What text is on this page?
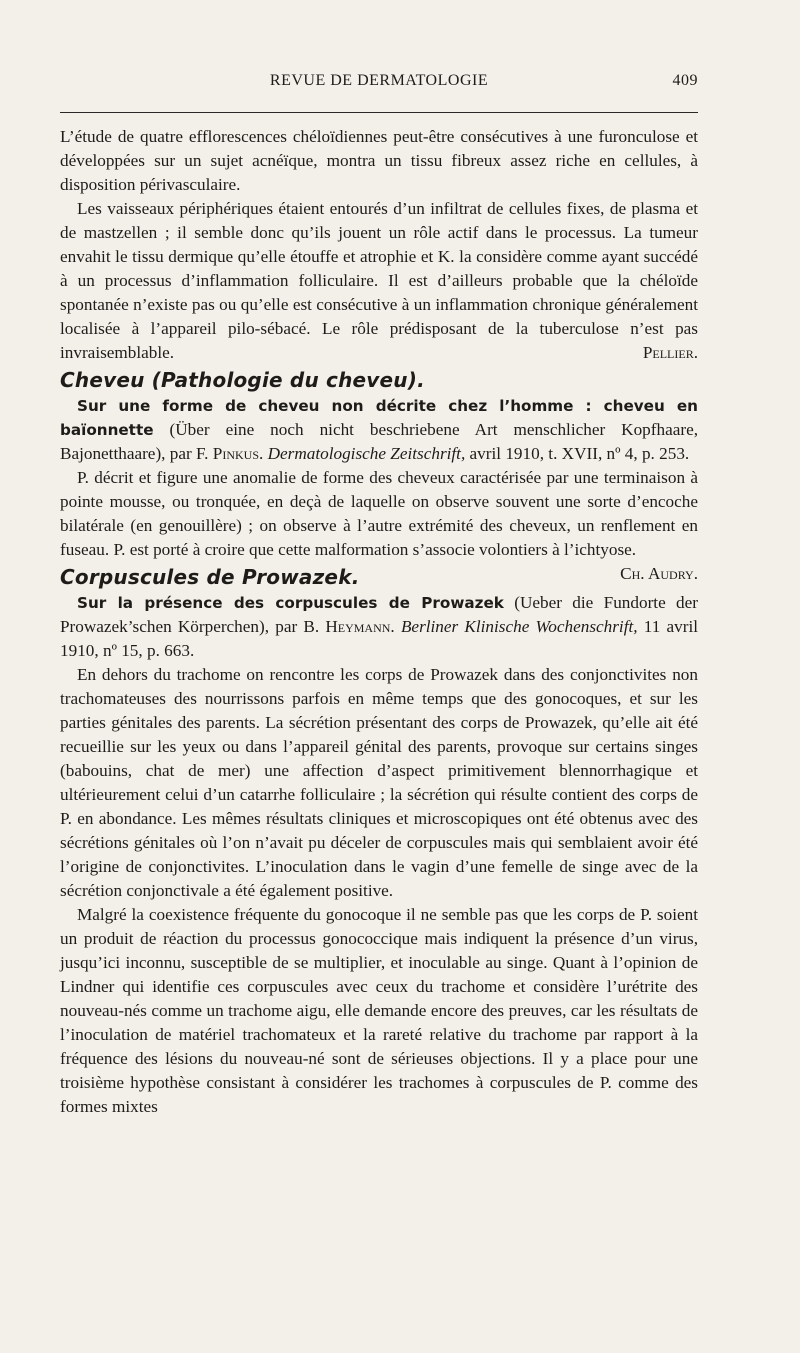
REVUE DE DERMATOLOGIE	409

L’étude de quatre efflorescences chéloïdiennes peut-être consécutives à une furonculose et développées sur un sujet acnéïque, montra un tissu fibreux assez riche en cellules, à disposition périvasculaire.

Les vaisseaux périphériques étaient entourés d’un infiltrat de cellules fixes, de plasma et de mastzellen ; il semble donc qu’ils jouent un rôle actif dans le processus. La tumeur envahit le tissu dermique qu’elle étouffe et atrophie et K. la considère comme ayant succédé à un processus d’inflammation folliculaire. Il est d’ailleurs probable que la chéloïde spontanée n’existe pas ou qu’elle est consécutive à un inflammation chronique généralement localisée à l’appareil pilo-sébacé. Le rôle prédisposant de la tuberculose n’est pas invraisemblable.	Pellier.

Cheveu (Pathologie du cheveu).

Sur une forme de cheveu non décrite chez l’homme : cheveu en baïonnette (Über eine noch nicht beschriebene Art menschlicher Kopfhaare, Bajonetthaare), par F. Pinkus. Dermatologische Zeitschrift, avril 1910, t. XVII, nº 4, p. 253.

P. décrit et figure une anomalie de forme des cheveux caractérisée par une terminaison à pointe mousse, ou tronquée, en deçà de laquelle on observe souvent une sorte d’encoche bilatérale (en genouillère) ; on observe à l’autre extrémité des cheveux, un renflement en fuseau. P. est porté à croire que cette malformation s’associe volontiers à l’ichtyose.
Ch. Audry.

Corpuscules de Prowazek.

Sur la présence des corpuscules de Prowazek (Ueber die Fundorte der Prowazek’schen Körperchen), par B. Heymann. Berliner Klinische Wochenschrift, 11 avril 1910, nº 15, p. 663.

En dehors du trachome on rencontre les corps de Prowazek dans des conjonctivites non trachomateuses des nourrissons parfois en même temps que des gonocoques, et sur les parties génitales des parents. La sécrétion présentant des corps de Prowazek, qu’elle ait été recueillie sur les yeux ou dans l’appareil génital des parents, provoque sur certains singes (babouins, chat de mer) une affection d’aspect primitivement blennorrhagique et ultérieurement celui d’un catarrhe folliculaire ; la sécrétion qui résulte contient des corps de P. en abondance. Les mêmes résultats cliniques et microscopiques ont été obtenus avec des sécrétions génitales où l’on n’avait pu déceler de corpuscules mais qui semblaient avoir été l’origine de conjonctivites. L’inoculation dans le vagin d’une femelle de singe avec de la sécrétion conjonctivale a été également positive.

Malgré la coexistence fréquente du gonocoque il ne semble pas que les corps de P. soient un produit de réaction du processus gonococcique mais indiquent la présence d’un virus, jusqu’ici inconnu, susceptible de se multiplier, et inoculable au singe. Quant à l’opinion de Lindner qui identifie ces corpuscules avec ceux du trachome et considère l’urétrite des nouveau-nés comme un trachome aigu, elle demande encore des preuves, car les résultats de l’inoculation de matériel trachomateux et la rareté relative du trachome par rapport à la fréquence des lésions du nouveau-né sont de sérieuses objections. Il y a place pour une troisième hypothèse consistant à considérer les trachomes à corpuscules de P. comme des formes mixtes
